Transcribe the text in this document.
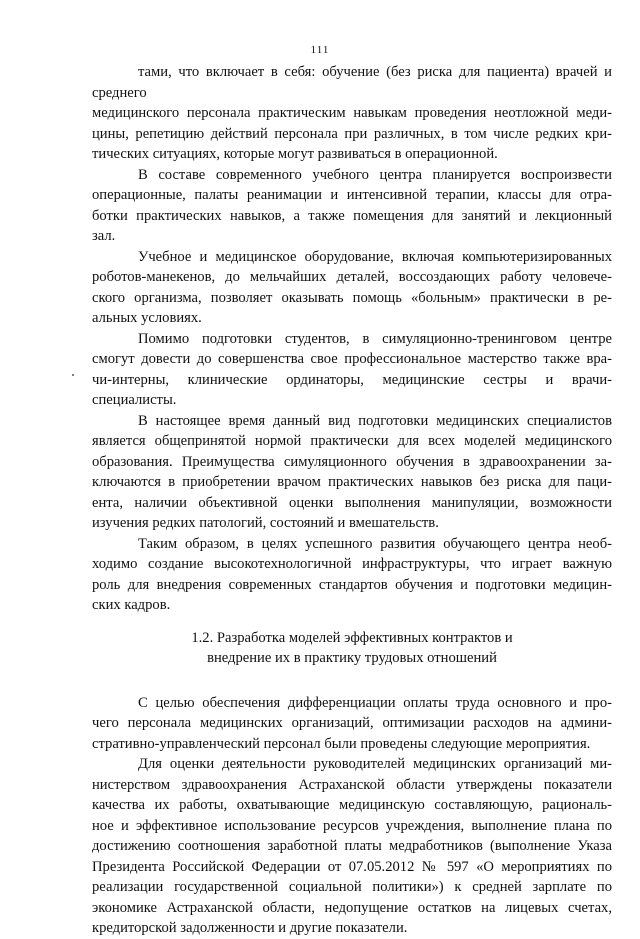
111
тами, что включает в себя: обучение (без риска для пациента) врачей и среднего
медицинского персонала практическим навыкам проведения неотложной меди-
цины, репетицию действий персонала при различных, в том числе редких кри-
тических ситуациях, которые могут развиваться в операционной.
В составе современного учебного центра планируется воспроизвести
операционные, палаты реанимации и интенсивной терапии, классы для отра-
ботки практических навыков, а также помещения для занятий и лекционный
зал.
Учебное и медицинское оборудование, включая компьютеризированных
роботов-манекенов, до мельчайших деталей, воссоздающих работу человече-
ского организма, позволяет оказывать помощь «больным» практически в ре-
альных условиях.
Помимо подготовки студентов, в симуляционно-тренинговом центре
смогут довести до совершенства свое профессиональное мастерство также вра-
чи-интерны, клинические ординаторы, медицинские сестры и врачи-
специалисты.
В настоящее время данный вид подготовки медицинских специалистов
является общепринятой нормой практически для всех моделей медицинского
образования. Преимущества симуляционного обучения в здравоохранении за-
ключаются в приобретении врачом практических навыков без риска для паци-
ента, наличии объективной оценки выполнения манипуляции, возможности
изучения редких патологий, состояний и вмешательств.
Таким образом, в целях успешного развития обучающего центра необ-
ходимо создание высокотехнологичной инфраструктуры, что играет важную
роль для внедрения современных стандартов обучения и подготовки медицин-
ских кадров.
1.2. Разработка моделей эффективных контрактов и
внедрение их в практику трудовых отношений
С целью обеспечения дифференциации оплаты труда основного и про-
чего персонала медицинских организаций, оптимизации расходов на админи-
стративно-управленческий персонал были проведены следующие мероприятия.
Для оценки деятельности руководителей медицинских организаций ми-
нистерством здравоохранения Астраханской области утверждены показатели
качества их работы, охватывающие медицинскую составляющую, рациональ-
ное и эффективное использование ресурсов учреждения, выполнение плана по
достижению соотношения заработной платы медработников (выполнение Указа
Президента Российской Федерации от 07.05.2012 № 597 «О мероприятиях по
реализации государственной социальной политики») к средней зарплате по
экономике Астраханской области, недопущение остатков на лицевых счетах,
кредиторской задолженности и другие показатели.
